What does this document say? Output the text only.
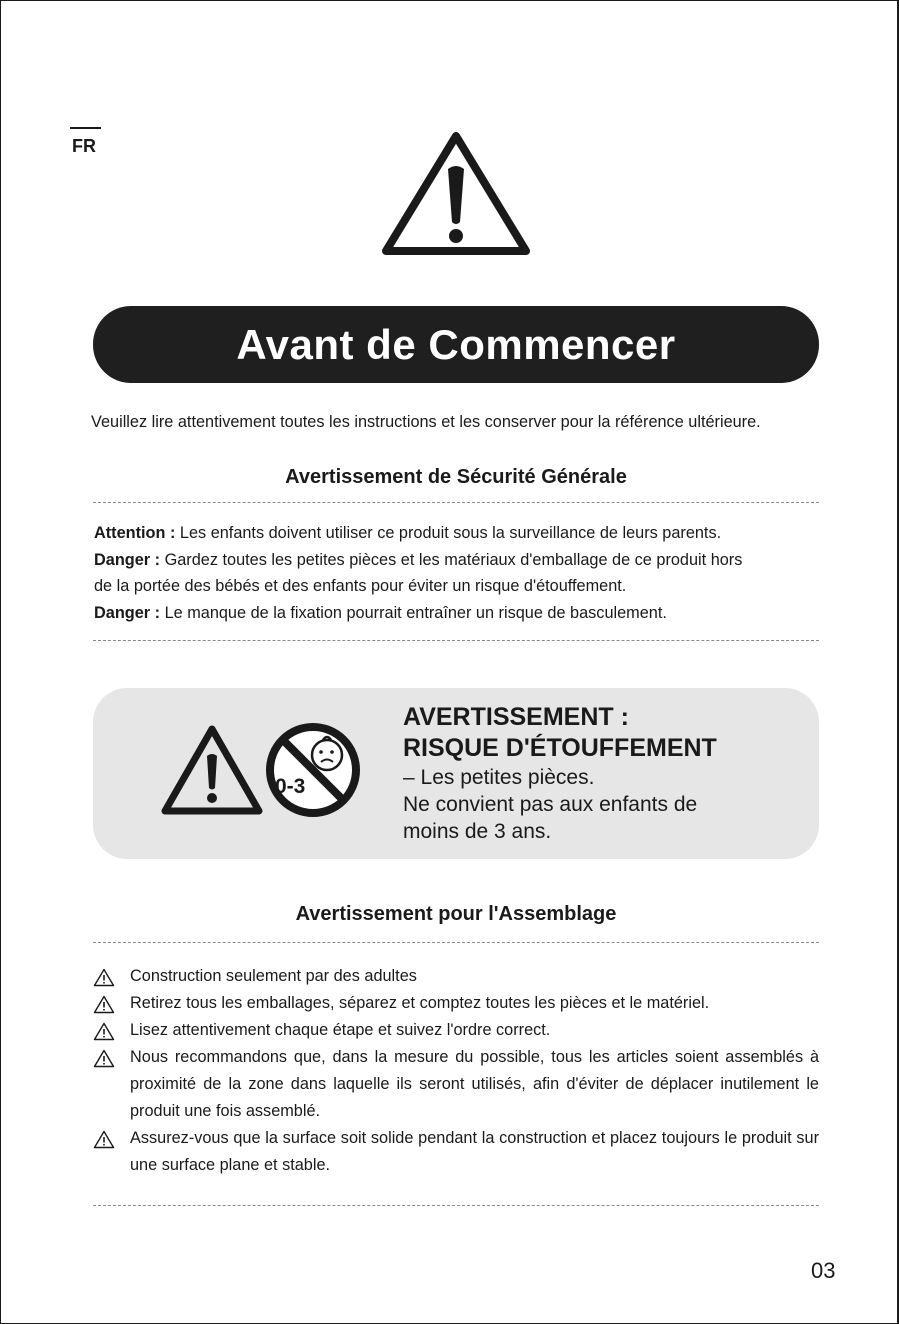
FR
Avant de Commencer
Veuillez lire attentivement toutes les instructions et les conserver pour la référence ultérieure.
Avertissement de Sécurité Générale

Attention : Les enfants doivent utiliser ce produit sous la surveillance de leurs parents.

Danger : Gardez toutes les petites pièces et les matériaux d'emballage de ce produit hors

de la portée des bébés et des enfants pour éviter un risque d'étouffement.

Danger : Le manque de la fixation pourrait entraîner un risque de basculement.

0-3
AVERTISSEMENT :
RISQUE D'ÉTOUFFEMENT
– Les petites pièces.
Ne convient pas aux enfants de
moins de 3 ans.
Avertissement pour l'Assemblage

Construction seulement par des adultes

Retirez tous les emballages, séparez et comptez toutes les pièces et le matériel.

Lisez attentivement chaque étape et suivez l'ordre correct.

Nous recommandons que, dans la mesure du possible, tous les articles soient assemblés à proximité de la zone dans laquelle ils seront utilisés, afin d'éviter de déplacer inutilement le produit une fois assemblé.

Assurez-vous que la surface soit solide pendant la construction et placez toujours le produit sur une surface plane et stable.

03
